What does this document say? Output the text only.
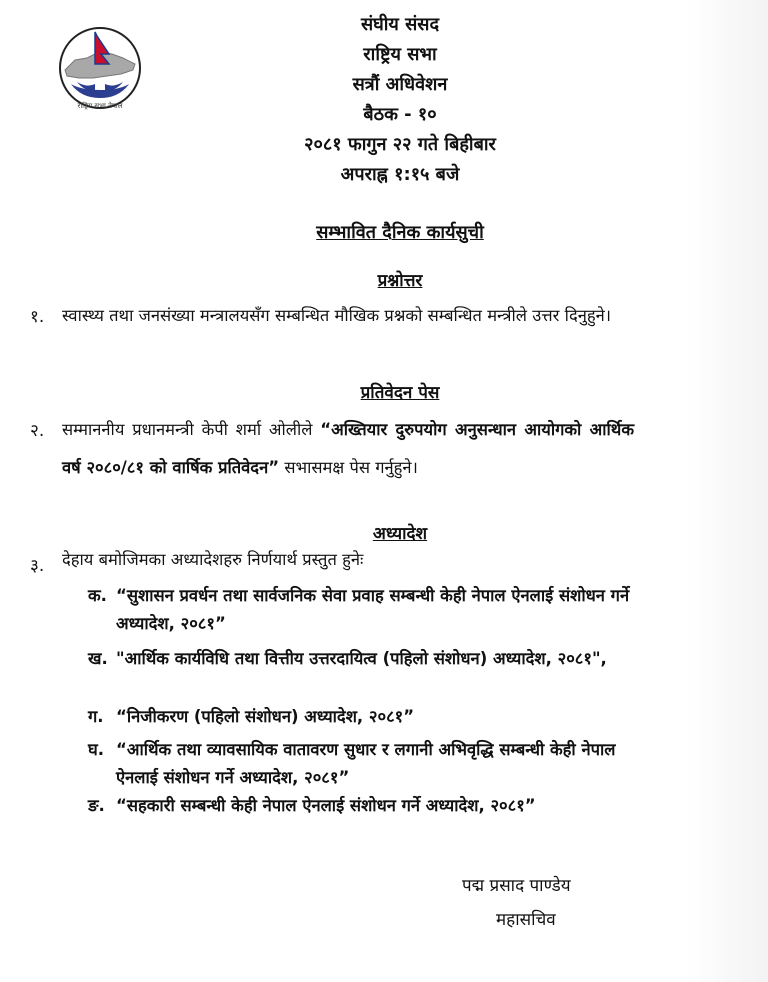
राष्ट्रिय सभा नेपाल
संघीय संसद
राष्ट्रिय सभा
सत्रौं अधिवेशन
बैठक - १०
२०८१ फागुन २२ गते बिहीबार
अपराह्न १:१५ बजे
सम्भावित दैनिक कार्यसुची
प्रश्नोत्तर
१. स्वास्थ्य तथा जनसंख्या मन्त्रालयसँग सम्बन्धित मौखिक प्रश्नको सम्बन्धित मन्त्रीले उत्तर दिनुहुने।
प्रतिवेदन पेस
२. सम्माननीय प्रधानमन्त्री केपी शर्मा ओलीले “अख्तियार दुरुपयोग अनुसन्धान आयोगको आर्थिक वर्ष २०८०/८१ को वार्षिक प्रतिवेदन” सभासमक्ष पेस गर्नुहुने।
अध्यादेश
३. देहाय बमोजिमका अध्यादेशहरु निर्णयार्थ प्रस्तुत हुनेः
क. “सुशासन प्रवर्धन तथा सार्वजनिक सेवा प्रवाह सम्बन्धी केही नेपाल ऐनलाई संशोधन गर्ने अध्यादेश, २०८१”
ख. "आर्थिक कार्यविधि तथा वित्तीय उत्तरदायित्व (पहिलो संशोधन) अध्यादेश, २०८१",
ग. “निजीकरण (पहिलो संशोधन) अध्यादेश, २०८१”
घ. “आर्थिक तथा व्यावसायिक वातावरण सुधार र लगानी अभिवृद्धि सम्बन्धी केही नेपाल ऐनलाई संशोधन गर्ने अध्यादेश, २०८१”
ङ. “सहकारी सम्बन्धी केही नेपाल ऐनलाई संशोधन गर्ने अध्यादेश, २०८१”
पद्म प्रसाद पाण्डेय
महासचिव
